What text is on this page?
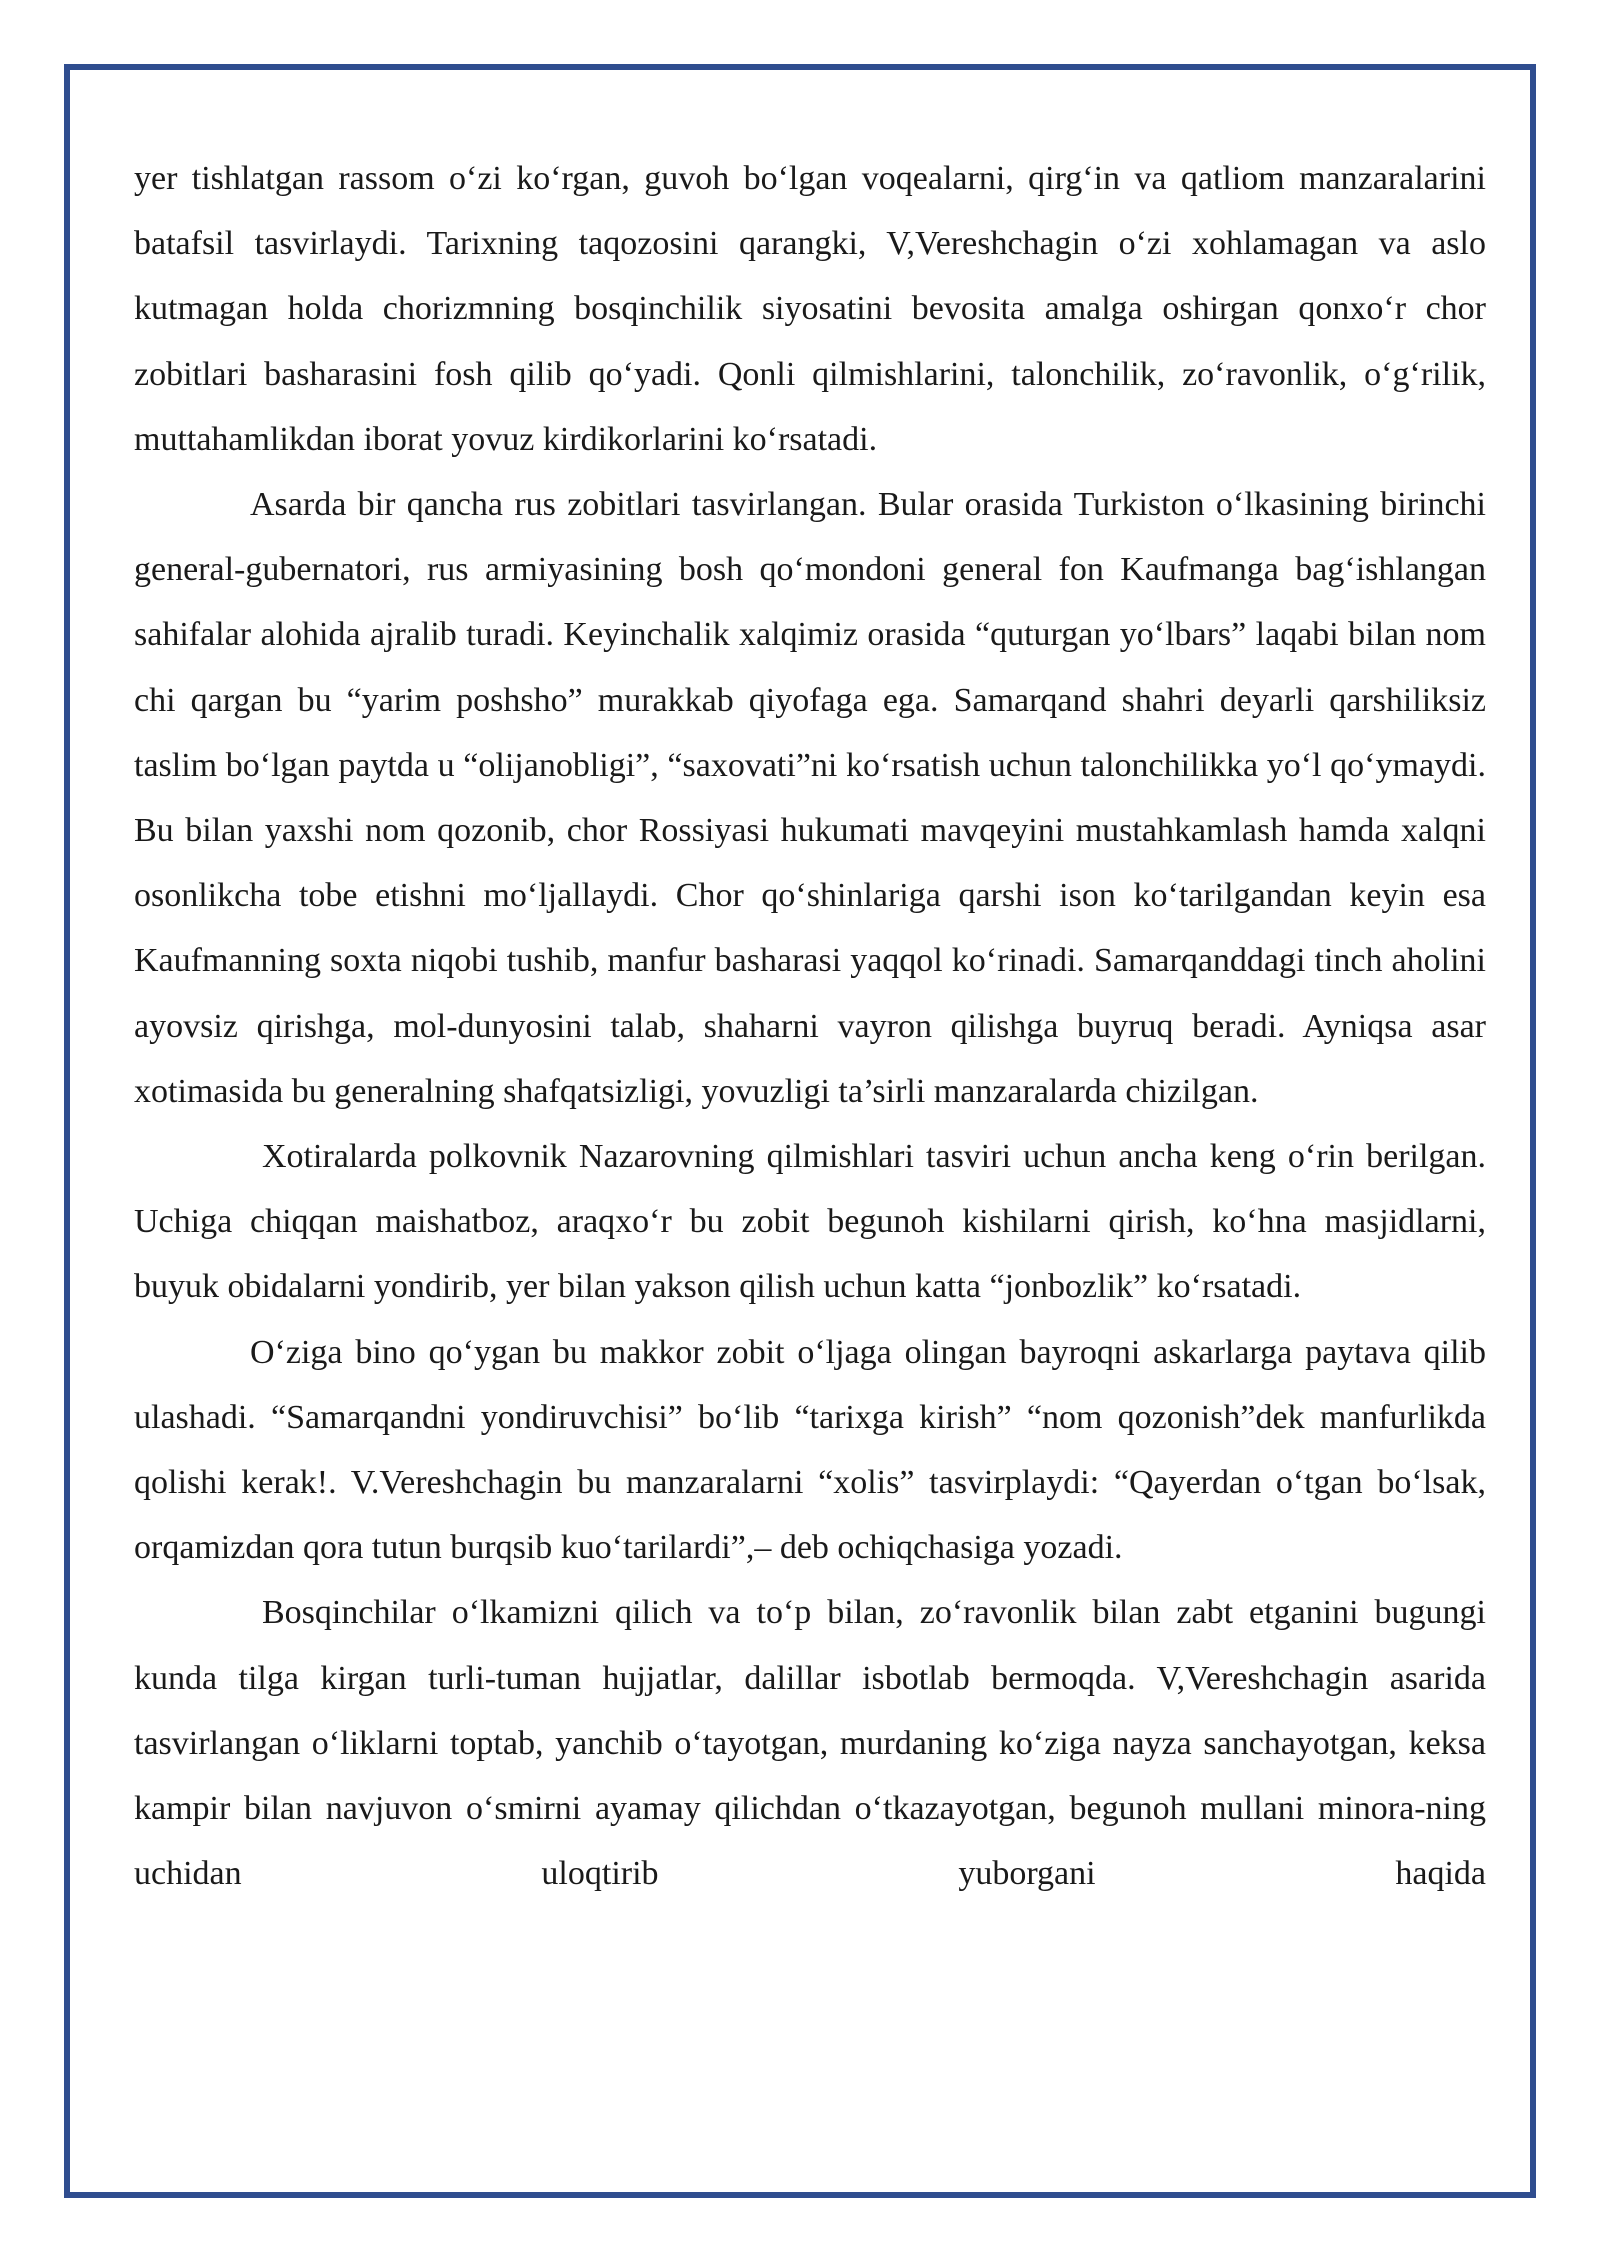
yer tishlatgan rassom o‘zi ko‘rgan, guvoh bo‘lgan voqealarni, qirg‘in va qatliom manzaralarini batafsil tasvirlaydi. Tarixning taqozosini qarangki, V,Vereshchagin o‘zi xohlamagan va aslo kutmagan holda chorizmning bosqinchilik siyosatini bevosita amalga oshirgan qonxo‘r chor zobitlari basharasini fosh qilib qo‘yadi. Qonli qilmishlarini, talonchilik, zo‘ravonlik, o‘g‘rilik, muttahamlikdan iborat yovuz kirdikorlarini ko‘rsatadi.

Asarda bir qancha rus zobitlari tasvirlangan. Bular orasida Turkiston o‘lkasining birinchi general-gubernatori, rus armiyasining bosh qo‘mondoni general fon Kaufmanga bag‘ishlangan sahifalar alohida ajralib turadi. Keyinchalik xalqimiz orasida “quturgan yo‘lbars” laqabi bilan nom chi qargan bu “yarim poshsho” murakkab qiyofaga ega. Samarqand shahri deyarli qarshiliksiz taslim bo‘lgan paytda u “olijanobligi”, “saxovati”ni ko‘rsatish uchun talonchilikka yo‘l qo‘ymaydi. Bu bilan yaxshi nom qozonib, chor Rossiyasi hukumati mavqeyini mustahkamlash hamda xalqni osonlikcha tobe etishni mo‘ljallaydi. Chor qo‘shinlariga qarshi ison ko‘tarilgandan keyin esa Kaufmanning soxta niqobi tushib, manfur basharasi yaqqol ko‘rinadi. Samarqanddagi tinch aholini ayovsiz qirishga, mol-dunyosini talab, shaharni vayron qilishga buyruq beradi. Ayniqsa asar xotimasida bu generalning shafqatsizligi, yovuzligi ta’sirli manzaralarda chizilgan.

Xotiralarda polkovnik Nazarovning qilmishlari tasviri uchun ancha keng o‘rin berilgan. Uchiga chiqqan maishatboz, araqxo‘r bu zobit begunoh kishilarni qirish, ko‘hna masjidlarni, buyuk obidalarni yondirib, yer bilan yakson qilish uchun katta “jonbozlik” ko‘rsatadi.

O‘ziga bino qo‘ygan bu makkor zobit o‘ljaga olingan bayroqni askarlarga paytava qilib ulashadi. “Samarqandni yondiruvchisi” bo‘lib “tarixga kirish” “nom qozonish”dek manfurlikda qolishi kerak!. V.Vereshchagin bu manzaralarni “xolis” tasvirplaydi: “Qayerdan o‘tgan bo‘lsak, orqamizdan qora tutun burqsib kuo‘tarilardi”,– deb ochiqchasiga yozadi.

Bosqinchilar o‘lkamizni qilich va to‘p bilan, zo‘ravonlik bilan zabt etganini bugungi kunda tilga kirgan turli-tuman hujjatlar, dalillar isbotlab bermoqda. V,Vereshchagin asarida tasvirlangan o‘liklarni toptab, yanchib o‘tayotgan, murdaning ko‘ziga nayza sanchayotgan, keksa kampir bilan navjuvon o‘smirni ayamay qilichdan o‘tkazayotgan, begunoh mullani minora-ning uchidan uloqtirib yuborgani haqida
